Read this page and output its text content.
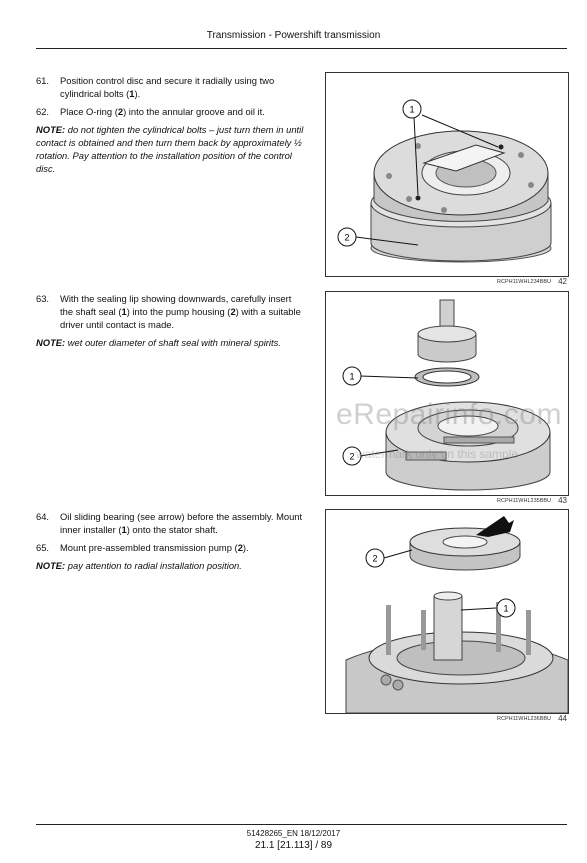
Transmission - Powershift transmission
61.	Position control disc and secure it radially using two cylindrical bolts (1).
62.	Place O-ring (2) into the annular groove and oil it.
NOTE: do not tighten the cylindrical bolts – just turn them in until contact is obtained and then turn them back by approximately ½ rotation. Pay attention to the installation position of the control disc.
1
2
RCPH11WHL234BBU 42
63.	With the sealing lip showing downwards, carefully insert the shaft seal (1) into the pump housing (2) with a suitable driver until contact is made.
NOTE: wet outer diameter of shaft seal with mineral spirits.
1
2
RCPH11WHL235BBU 43
64.	Oil sliding bearing (see arrow) before the assembly. Mount inner installer (1) onto the stator shaft.
65.	Mount pre-assembled transmission pump (2).
NOTE: pay attention to radial installation position.
2
1
RCPH11WHL236BBU 44
eRepairinfo.com
watermark only on this sample
51428265_EN 18/12/2017
21.1 [21.113] / 89
